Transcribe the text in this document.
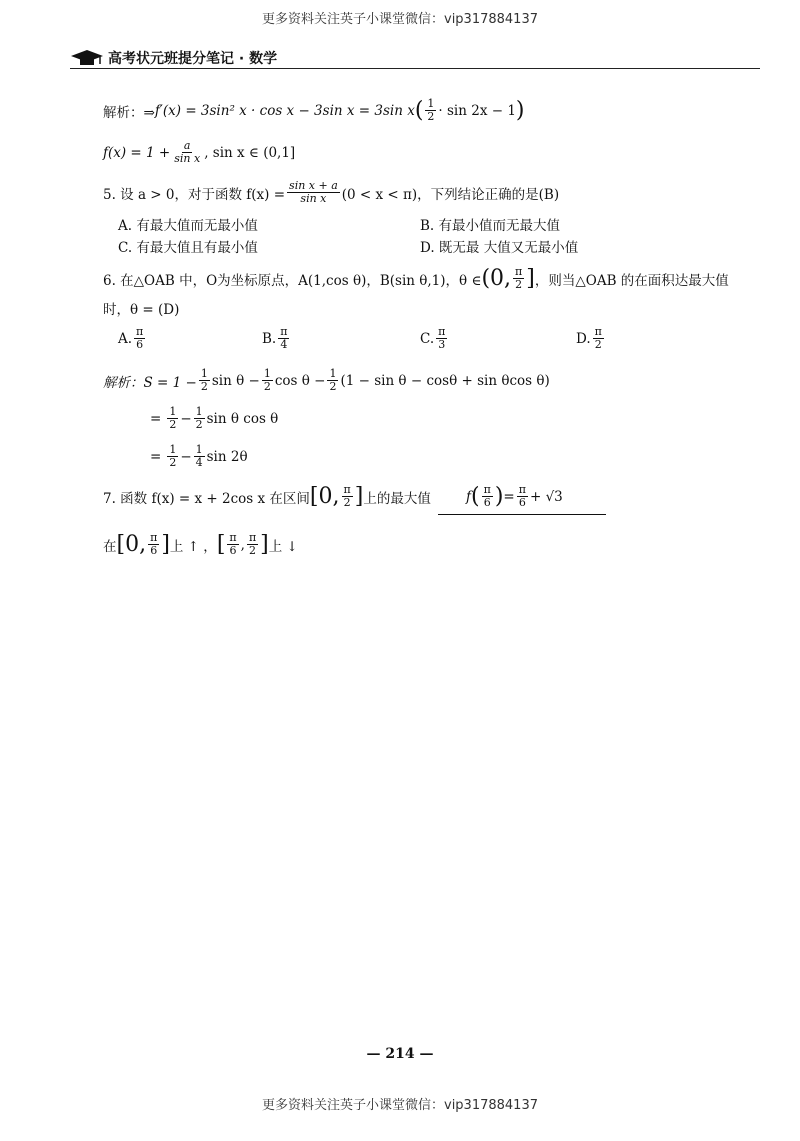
更多资料关注英子小课堂微信：vip317884137
高考状元班提分笔记 · 数学
解析：⇒ f′(x) = 3sin² x · cos x − 3sin x = 3sin x ( $\frac{1}{2} \cdot \sin 2x - 1$ )
$f(x) = 1 + \frac{a}{\text{sin x}}$ , sin x ∈ (0,1]
5. 设 a > 0，对于函数 $f(x) = \frac{\text{sin x + a}}{\text{sin x}} (0 < x < \pi)$，下列结论正确的是(B)
A. 有最大值而无最小值	B. 有最小值而无最大值
C. 有最大值且有最小值	D. 既无最 大值又无最小值
6. 在△OAB 中，O为坐标原点，A(1,cos θ)，B(sin θ,1)，θ ∈ (0, $\frac{\pi}{2}$ ] ，则当△OAB 的在面积达最大值
时，θ = (D)
A. $\frac{\pi}{6}$	B. $\frac{\pi}{4}$	C. $\frac{\pi}{3}$	D. $\frac{\pi}{2}$
解析：$S = 1 - \frac{1}{2}$ $\sin \theta - \frac{1}{2}$ $\cos \theta - \frac{1}{2} (1 - \sin \theta - \cos\theta + \sin \theta\cos$ θ)
= $\frac{1}{2} - \frac{1}{2}$ sin θ cos θ
= $\frac{1}{2} - \frac{1}{4}$ sin 2θ
7. 函数 f(x) = x + 2cos x 在区间 [0, $\frac{\pi}{2}$ ] 上的最大值	f ( $\frac{\pi}{6}$ ) = $\frac{\pi}{6} + √3$
在 [0, $\frac{\pi}{6}$ ] 上 ↑ ， [ $\frac{\pi}{6}$ , $\frac{\pi}{2}$ ] 上 ↓
— 214 —
更多资料关注英子小课堂微信：vip317884137
